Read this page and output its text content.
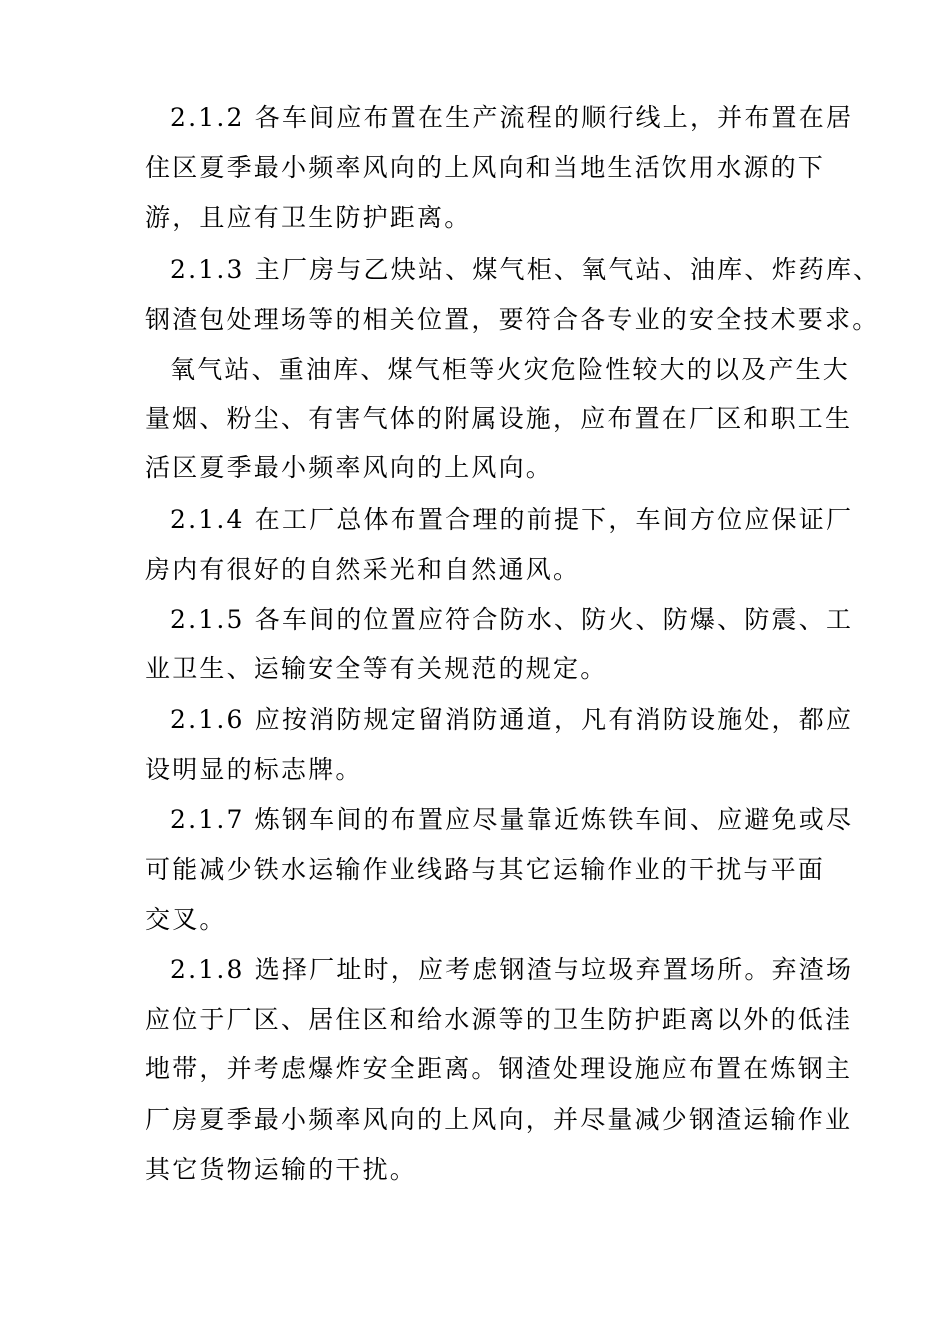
2.1.2 各车间应布置在生产流程的顺行线上，并布置在居
住区夏季最小频率风向的上风向和当地生活饮用水源的下
游，且应有卫生防护距离。
2.1.3 主厂房与乙炔站、煤气柜、氧气站、油库、炸药库、
钢渣包处理场等的相关位置，要符合各专业的安全技术要求。
氧气站、重油库、煤气柜等火灾危险性较大的以及产生大
量烟、粉尘、有害气体的附属设施，应布置在厂区和职工生
活区夏季最小频率风向的上风向。
2.1.4 在工厂总体布置合理的前提下，车间方位应保证厂
房内有很好的自然采光和自然通风。
2.1.5 各车间的位置应符合防水、防火、防爆、防震、工
业卫生、运输安全等有关规范的规定。
2.1.6 应按消防规定留消防通道，凡有消防设施处，都应
设明显的标志牌。
2.1.7 炼钢车间的布置应尽量靠近炼铁车间、应避免或尽
可能减少铁水运输作业线路与其它运输作业的干扰与平面
交叉。
2.1.8 选择厂址时，应考虑钢渣与垃圾弃置场所。弃渣场
应位于厂区、居住区和给水源等的卫生防护距离以外的低洼
地带，并考虑爆炸安全距离。钢渣处理设施应布置在炼钢主
厂房夏季最小频率风向的上风向，并尽量减少钢渣运输作业
其它货物运输的干扰。
